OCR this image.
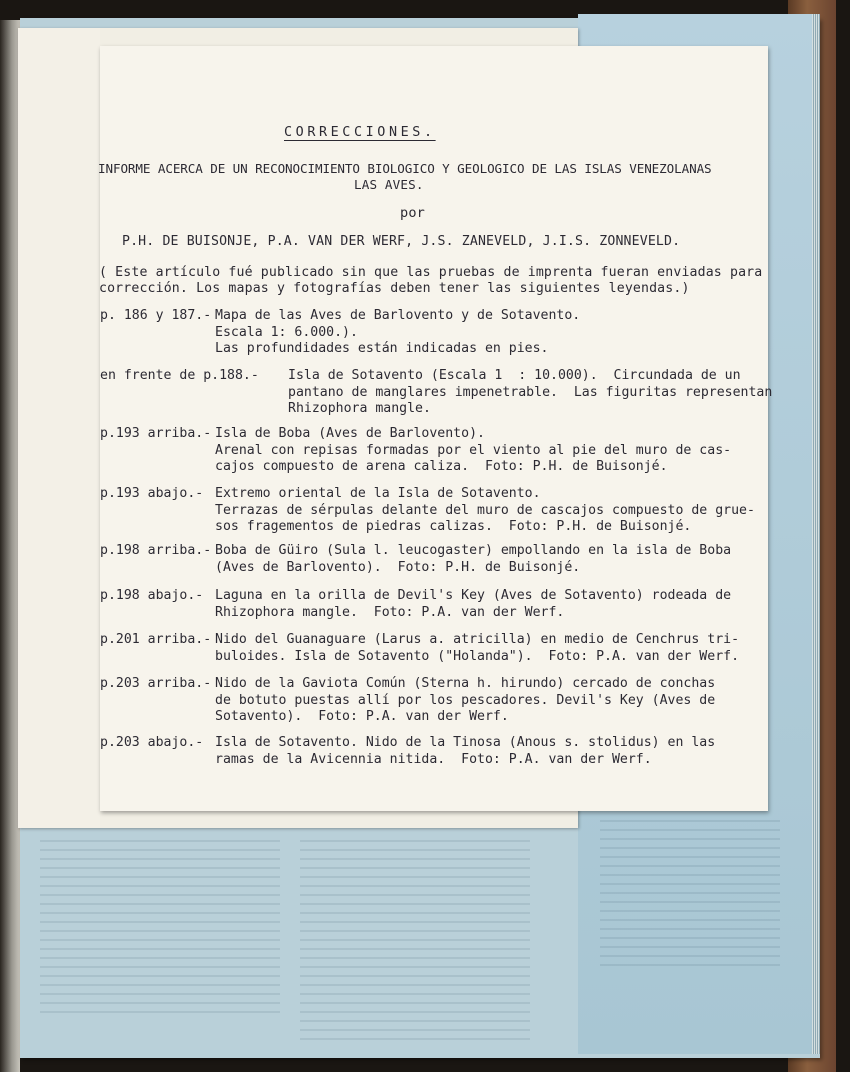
CORRECCIONES.
INFORME ACERCA DE UN RECONOCIMIENTO BIOLOGICO Y GEOLOGICO DE LAS ISLAS VENEZOLANAS
LAS AVES.
por
P.H. DE BUISONJE, P.A. VAN DER WERF, J.S. ZANEVELD, J.I.S. ZONNEVELD.
( Este artículo fué publicado sin que las pruebas de imprenta fueran enviadas para
corrección. Los mapas y fotografías deben tener las siguientes leyendas.)
p. 186 y 187.- Mapa de las Aves de Barlovento y de Sotavento.
Escala 1: 6.000.).
Las profundidades están indicadas en pies.
en frente de p.188.- Isla de Sotavento (Escala 1  : 10.000).  Circundada de un
pantano de manglares impenetrable.  Las figuritas representan
Rhizophora mangle.
p.193 arriba.- Isla de Boba (Aves de Barlovento).
Arenal con repisas formadas por el viento al pie del muro de cas-
cajos compuesto de arena caliza.  Foto: P.H. de Buisonjé.
p.193 abajo.- Extremo oriental de la Isla de Sotavento.
Terrazas de sérpulas delante del muro de cascajos compuesto de grue-
sos fragementos de piedras calizas.  Foto: P.H. de Buisonjé.
p.198 arriba.- Boba de Güiro (Sula l. leucogaster) empollando en la isla de Boba
(Aves de Barlovento).  Foto: P.H. de Buisonjé.
p.198 abajo.- Laguna en la orilla de Devil's Key (Aves de Sotavento) rodeada de
Rhizophora mangle.  Foto: P.A. van der Werf.
p.201 arriba.- Nido del Guanaguare (Larus a. atricilla) en medio de Cenchrus tri-
buloides. Isla de Sotavento ("Holanda").  Foto: P.A. van der Werf.
p.203 arriba.- Nido de la Gaviota Común (Sterna h. hirundo) cercado de conchas
de botuto puestas allí por los pescadores. Devil's Key (Aves de
Sotavento).  Foto: P.A. van der Werf.
p.203 abajo.- Isla de Sotavento. Nido de la Tinosa (Anous s. stolidus) en las
ramas de la Avicennia nitida.  Foto: P.A. van der Werf.
